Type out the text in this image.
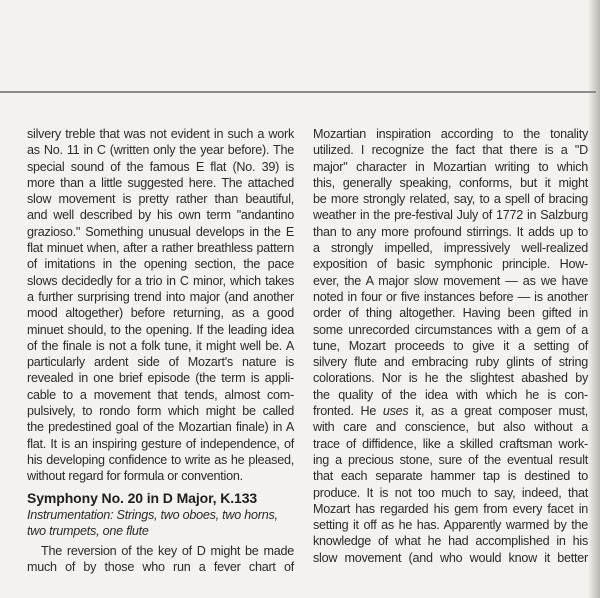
silvery treble that was not evident in such a work
as No. 11 in C (written only the year before). The
special sound of the famous E flat (No. 39) is
more than a little suggested here. The attached
slow movement is pretty rather than beautiful,
and well described by his own term "andantino
grazioso." Something unusual develops in the E
flat minuet when, after a rather breathless pattern
of imitations in the opening section, the pace
slows decidedly for a trio in C minor, which takes
a further surprising trend into major (and another
mood altogether) before returning, as a good
minuet should, to the opening. If the leading idea
of the finale is not a folk tune, it might well be. A
particularly ardent side of Mozart's nature is
revealed in one brief episode (the term is appli-
cable to a movement that tends, almost com-
pulsively, to rondo form which might be called
the predestined goal of the Mozartian finale) in A
flat. It is an inspiring gesture of independence, of
his developing confidence to write as he pleased,
without regard for formula or convention.
Symphony No. 20 in D Major, K.133
Instrumentation: Strings, two oboes, two horns,
two trumpets, one flute
The reversion of the key of D might be made
much of by those who run a fever chart of
Mozartian inspiration according to the tonality
utilized. I recognize the fact that there is a "D
major" character in Mozartian writing to which
this, generally speaking, conforms, but it might
be more strongly related, say, to a spell of bracing
weather in the pre-festival July of 1772 in Salzburg
than to any more profound stirrings. It adds up to
a strongly impelled, impressively well-realized
exposition of basic symphonic principle. How-
ever, the A major slow movement — as we have
noted in four or five instances before — is another
order of thing altogether. Having been gifted in
some unrecorded circumstances with a gem of a
tune, Mozart proceeds to give it a setting of
silvery flute and embracing ruby glints of string
colorations. Nor is he the slightest abashed by
the quality of the idea with which he is con-
fronted. He uses it, as a great composer must,
with care and conscience, but also without a
trace of diffidence, like a skilled craftsman work-
ing a precious stone, sure of the eventual result
that each separate hammer tap is destined to
produce. It is not too much to say, indeed, that
Mozart has regarded his gem from every facet in
setting it off as he has. Apparently warmed by the
knowledge of what he had accomplished in his
slow movement (and who would know it better
